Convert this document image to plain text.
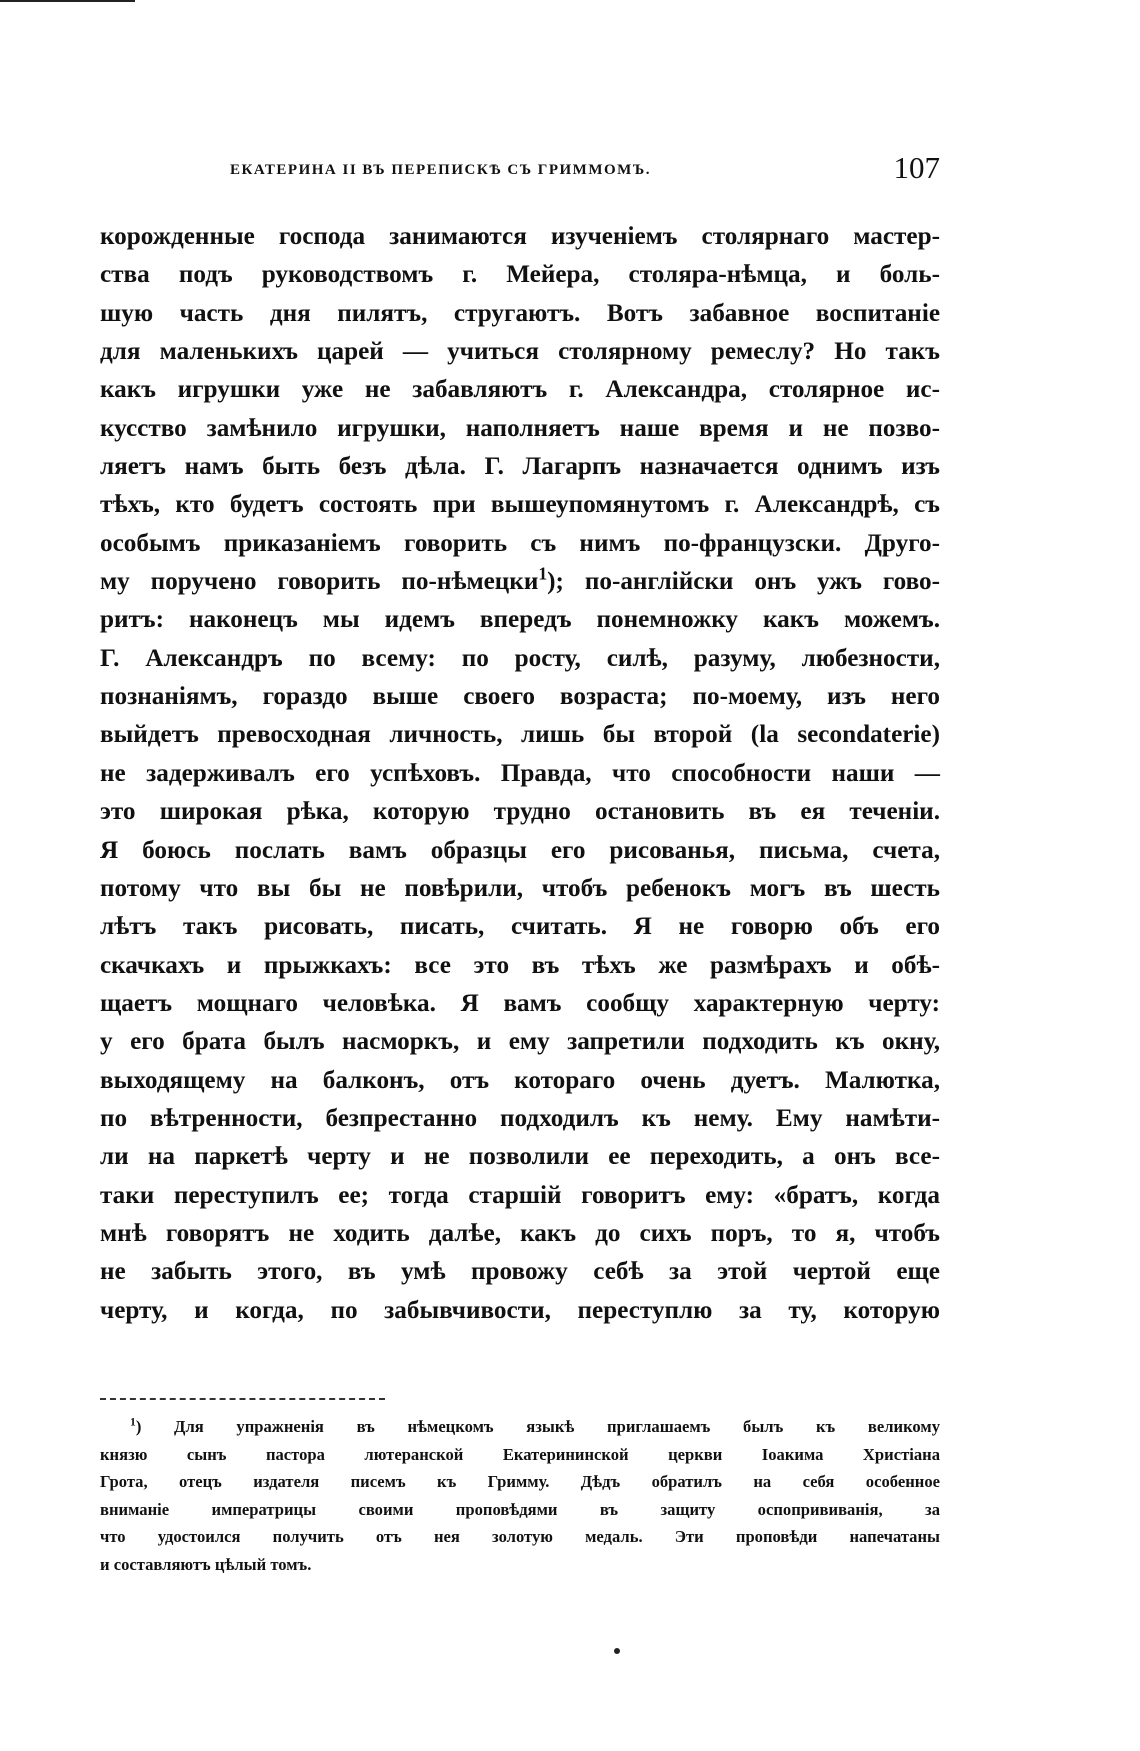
ЕКАТЕРИНА II ВЪ ПЕРЕПИСКѢ СЪ ГРИММОМЪ.	107
корожденные господа занимаются изученіемъ столярнаго мастер-
ства подъ руководствомъ г. Мейера, столяра-нѣмца, и боль-
шую часть дня пилятъ, стругаютъ. Вотъ забавное воспитаніе
для маленькихъ царей — учиться столярному ремеслу? Но такъ
какъ игрушки уже не забавляютъ г. Александра, столярное ис-
кусство замѣнило игрушки, наполняетъ наше время и не позво-
ляетъ намъ быть безъ дѣла. Г. Лагарпъ назначается однимъ изъ
тѣхъ, кто будетъ состоять при вышеупомянутомъ г. Александрѣ, съ
особымъ приказаніемъ говорить съ нимъ по-французски. Друго-
му поручено говорить по-нѣмецки$^1$); по-англійски онъ ужъ гово-
ритъ: наконецъ мы идемъ впередъ понемножку какъ можемъ.
Г. Александръ по всему: по росту, силѣ, разуму, любезности,
познаніямъ, гораздо выше своего возраста; по-моему, изъ него
выйдетъ превосходная личность, лишь бы второй (la secondaterie)
не задерживалъ его успѣховъ. Правда, что способности наши —
это широкая рѣка, которую трудно остановить въ ея теченіи.
Я боюсь послать вамъ образцы его рисованья, письма, счета,
потому что вы бы не повѣрили, чтобъ ребенокъ могъ въ шесть
лѣтъ такъ рисовать, писать, считать. Я не говорю объ его
скачкахъ и прыжкахъ: все это въ тѣхъ же размѣрахъ и обѣ-
щаетъ мощнаго человѣка. Я вамъ сообщу характерную черту:
у его брата былъ насморкъ, и ему запретили подходить къ окну,
выходящему на балконъ, отъ котораго очень дуетъ. Малютка,
по вѣтренности, безпрестанно подходилъ къ нему. Ему намѣти-
ли на паркетѣ черту и не позволили ее переходить, а онъ все-
таки переступилъ ее; тогда старшій говоритъ ему: «братъ, когда
мнѣ говорятъ не ходить далѣе, какъ до сихъ поръ, то я, чтобъ
не забыть этого, въ умѣ провожу себѣ за этой чертой еще
черту, и когда, по забывчивости, переступлю за ту, которую
$^1$) Для упражненія въ нѣмецкомъ языкѣ приглашаемъ былъ къ великому
князю сынъ пастора лютеранской Екатерининской церкви Іоакима Христіана
Грота, отецъ издателя писемъ къ Гримму. Дѣдъ обратилъ на себя особенное
вниманіе императрицы своими проповѣдями въ защиту оспопрививанія, за
что удостоился получить отъ нея золотую медаль. Эти проповѣди напечатаны
и составляютъ цѣлый томъ.
